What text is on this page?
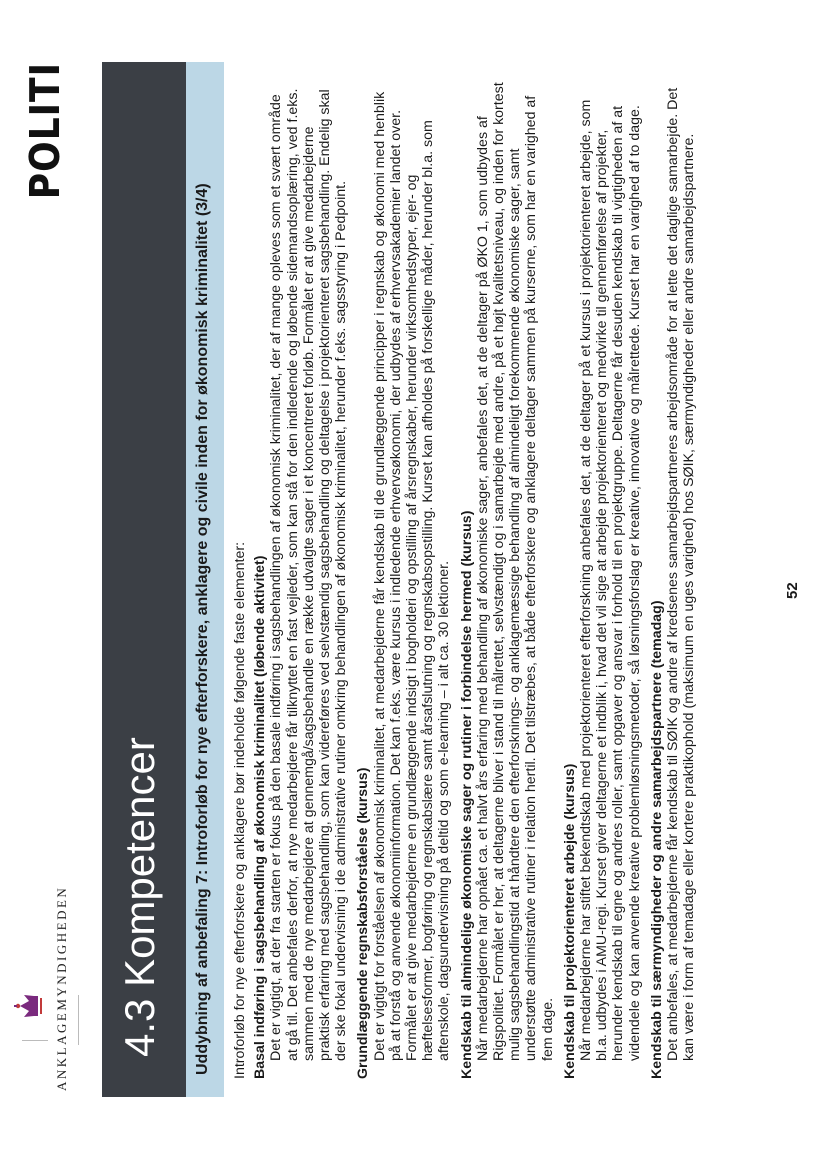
ANKLAGEMYNDIGHEDEN
POLITI
4.3 Kompetencer Uddybning af anbefaling 7: Introforløb for nye efterforskere, anklagere og civile inden for økonomisk kriminalitet (3/4) Introforløb for nye efterforskere og anklagere bør indeholde følgende faste elementer: Basal indføring i sagsbehandling af økonomisk kriminalitet (løbende aktivitet) Det er vigtigt, at der fra starten er fokus på den basale indføring i sagsbehandlingen af økonomisk kriminalitet, der af mange opleves som et svært område at gå til. Det anbefales derfor, at nye medarbejdere får tilknyttet en fast vejleder, som kan stå for den indledende og løbende sidemandsoplæring, ved f.eks. sammen med de nye medarbejdere at gennemgå/sagsbehandle en række udvalgte sager i et koncentreret forløb. Formålet er at give medarbejderne praktisk erfaring med sagsbehandling, som kan videreføres ved selvstændig sagsbehandling og deltagelse i projektorienteret sagsbehandling. Endelig skal der ske fokal undervisning i de administrative rutiner omkring behandlingen af økonomisk kriminalitet, herunder f.eks. sagsstyring i Pedpoint. Grundlæggende regnskabsforståelse (kursus) Det er vigtigt for forståelsen af økonomisk kriminalitet, at medarbejderne får kendskab til de grundlæggende principper i regnskab og økonomi med henblik på at forstå og anvende økonomiinformation. Det kan f.eks. være kursus i indledende erhvervsøkonomi, der udbydes af erhvervsakademier landet over. Formålet er at give medarbejderne en grundlæggende indsigt i bogholderi og opstilling af årsregnskaber, herunder virksomhedstyper, ejer- og hæftelsesformer, bogføring og regnskabslære samt årsafslutning og regnskabsopstilling. Kurset kan afholdes på forskellige måder, herunder bl.a. som aftenskole, dagsundervisning på deltid og som e-learning – i alt ca. 30 lektioner. Kendskab til almindelige økonomiske sager og rutiner i forbindelse hermed (kursus) Når medarbejderne har opnået ca. et halvt års erfaring med behandling af økonomiske sager, anbefales det, at de deltager på ØKO 1, som udbydes af Rigspolitiet. Formålet er her, at deltagerne bliver i stand til målrettet, selvstændigt og i samarbejde med andre, på et højt kvalitetsniveau, og inden for kortest mulig sagsbehandlingstid at håndtere den efterforsknings- og anklagemæssige behandling af almindeligt forekommende økonomiske sager, samt understøtte administrative rutiner i relation hertil. Det tilstræbes, at både efterforskere og anklagere deltager sammen på kurserne, som har en varighed af fem dage. Kendskab til projektorienteret arbejde (kursus) Når medarbejderne har stiftet bekendtskab med projektorienteret efterforskning anbefales det, at de deltager på et kursus i projektorienteret arbejde, som bl.a. udbydes i AMU-regi. Kurset giver deltagerne et indblik i, hvad det vil sige at arbejde projektorienteret og medvirke til gennemførelse af projekter, herunder kendskab til egne og andres roller, samt opgaver og ansvar i forhold til en projektgruppe. Deltagerne får desuden kendskab til vigtigheden af at videndele og kan anvende kreative problemløsningsmetoder, så løsningsforslag er kreative, innovative og målrettede. Kurset har en varighed af to dage. Kendskab til særmyndigheder og andre samarbejdspartnere (temadag) Det anbefales, at medarbejderne får kendskab til SØIK og andre af kredsenes samarbejdspartneres arbejdsområde for at lette det daglige samarbejde. Det kan være i form af temadage eller kortere praktikophold (maksimum en uges varighed) hos SØIK, særmyndigheder eller andre samarbejdspartnere.	52
